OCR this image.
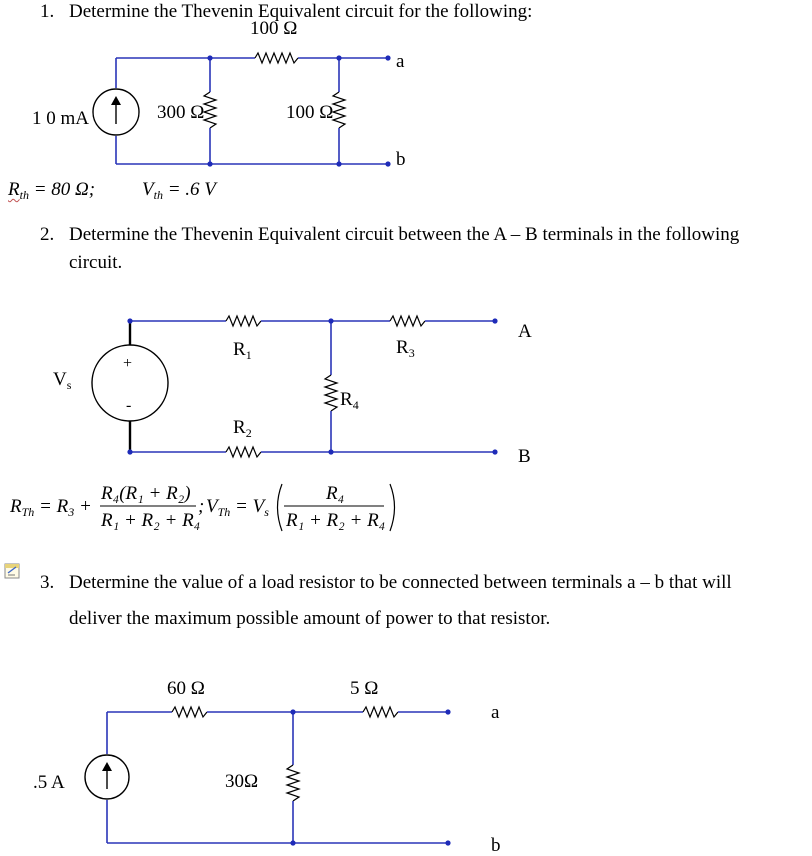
1. Determine the Thevenin Equivalent circuit for the following:
100 Ω
1 0 mA	300 Ω	100 Ω
a
b
$R_{th} = 80$ Ω; $V_{th} = .6$ V
2. Determine the Thevenin Equivalent circuit between the A – B terminals in the following
circuit.
$V_s$
+
-
$R_1$
$R_2$
$R_3$
$R_4$
A
B
$R_{Th} = R_3$ +
R₄(R₁ + R₂)
R₁ + R₂ + R₄
; $V_{Th} = V_s$
R₄
R₁ + R₂ + R₄
3. Determine the value of a load resistor to be connected between terminals a – b that will
deliver the maximum possible amount of power to that resistor.
60 Ω	5 Ω
30Ω
.5 A
a
b
